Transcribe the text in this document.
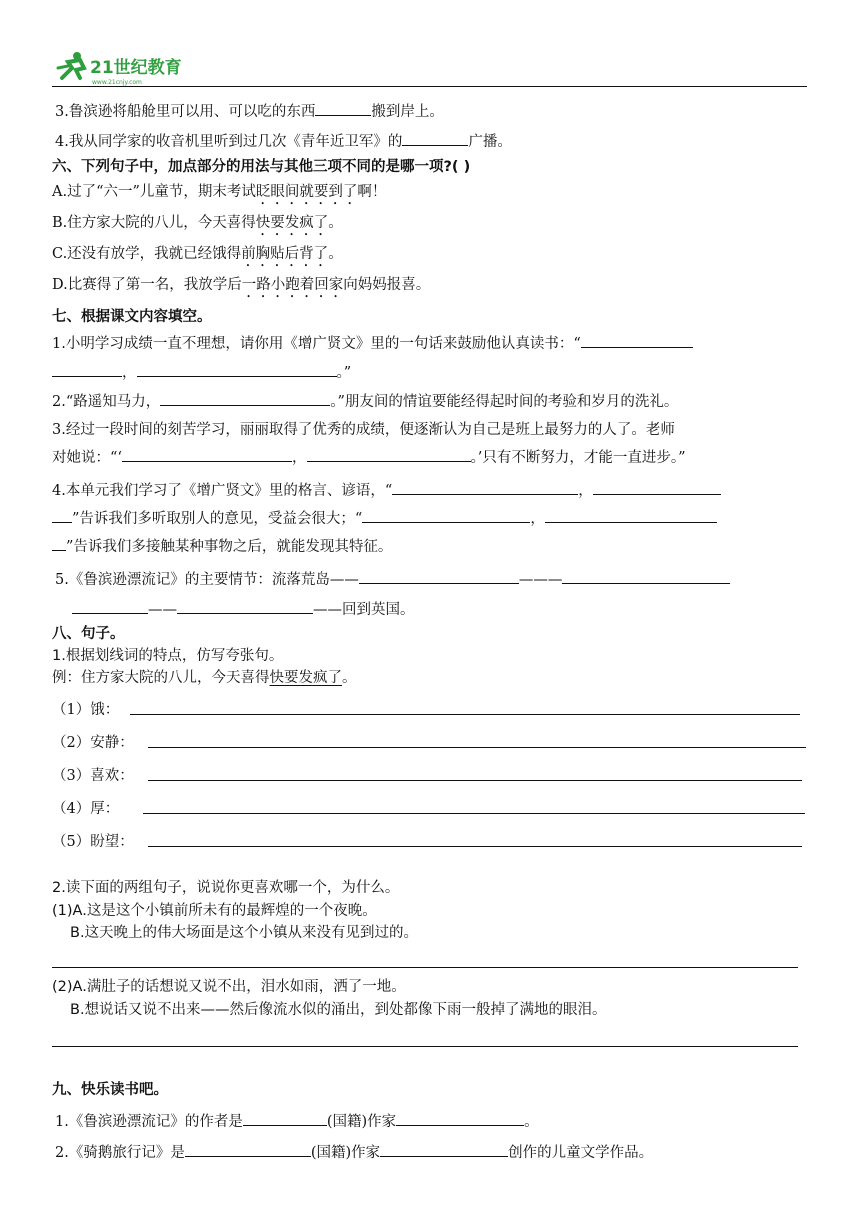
21世纪教育
www.21cnjy.com
3.鲁滨逊将船舱里可以用、可以吃的东西	搬到岸上。
4.我从同学家的收音机里听到过几次《青年近卫军》的	广播。
六、下列句子中，加点部分的用法与其他三项不同的是哪一项?( )
A.过了“六一”儿童节，期末考试眨眼间就要到了啊！
B.住方家大院的八儿，今天喜得快要发疯了。
C.还没有放学，我就已经饿得前胸贴后背了。
D.比赛得了第一名，我放学后一路小跑着回家向妈妈报喜。
七、根据课文内容填空。
1.小明学习成绩一直不理想，请你用《增广贤文》里的一句话来鼓励他认真读书：“
，	。”
2.“路遥知马力，	。”朋友间的情谊要能经得起时间的考验和岁月的洗礼。
3.经过一段时间的刻苦学习，丽丽取得了优秀的成绩，便逐渐认为自己是班上最努力的人了。老师
对她说：“‘	，	。’只有不断努力，才能一直进步。”
4.本单元我们学习了《增广贤文》里的格言、谚语，“	，
”告诉我们多听取别人的意见，受益会很大；“	，
”告诉我们多接触某种事物之后，就能发现其特征。
5.《鲁滨逊漂流记》的主要情节：流落荒岛——	———
——	——回到英国。
八、句子。
1.根据划线词的特点，仿写夸张句。
例：住方家大院的八儿，今天喜得快要发疯了。
（1）饿：
（2）安静：
（3）喜欢：
（4）厚：
（5）盼望：
2.读下面的两组句子，说说你更喜欢哪一个，为什么。
(1)A.这是这个小镇前所未有的最辉煌的一个夜晚。
B.这天晚上的伟大场面是这个小镇从来没有见到过的。
(2)A.满肚子的话想说又说不出，泪水如雨，洒了一地。
B.想说话又说不出来——然后像流水似的涌出，到处都像下雨一般掉了满地的眼泪。
九、快乐读书吧。
1.《鲁滨逊漂流记》的作者是	(国籍)作家	。
2.《骑鹅旅行记》是	(国籍)作家	创作的儿童文学作品。
